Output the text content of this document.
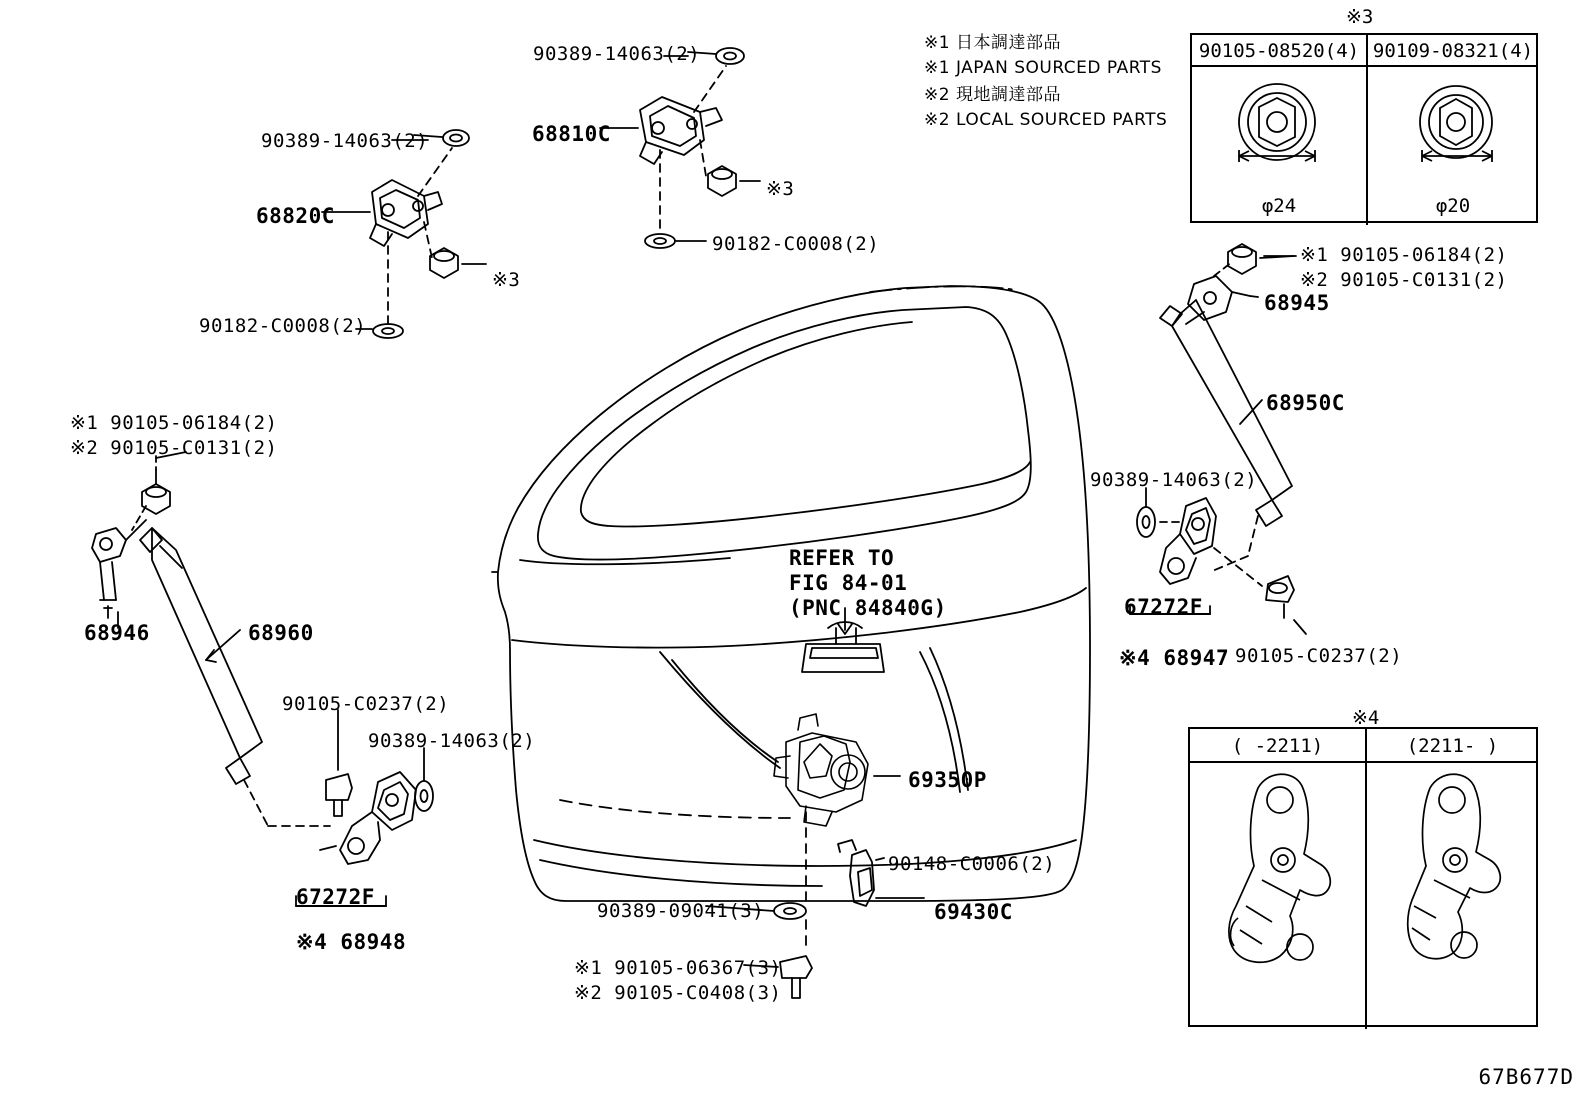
※1 日本調達部品
※1 JAPAN SOURCED PARTS
※2 現地調達部品
※2 LOCAL SOURCED PARTS
※3
90105-08520(4) 90109-08321(4)
φ24	φ20
※4
( -2211)	(2211- )
90389-14063(2)
68810C
※3
90182-C0008(2)
90389-14063(2)
68820C
※3
90182-C0008(2)
※1 90105-06184(2)
※2 90105-C0131(2)
68946	68960
90105-C0237(2)
90389-14063(2)
67272F
※4 68948
REFER TO
FIG 84-01
(PNC 84840G)
69350P
90148-C0006(2)
69430C
90389-09041(3)
※1 90105-06367(3)
※2 90105-C0408(3)
※1 90105-06184(2)
※2 90105-C0131(2)
68945
68950C
90389-14063(2)
67272F
※4 68947 90105-C0237(2)
67B677D
